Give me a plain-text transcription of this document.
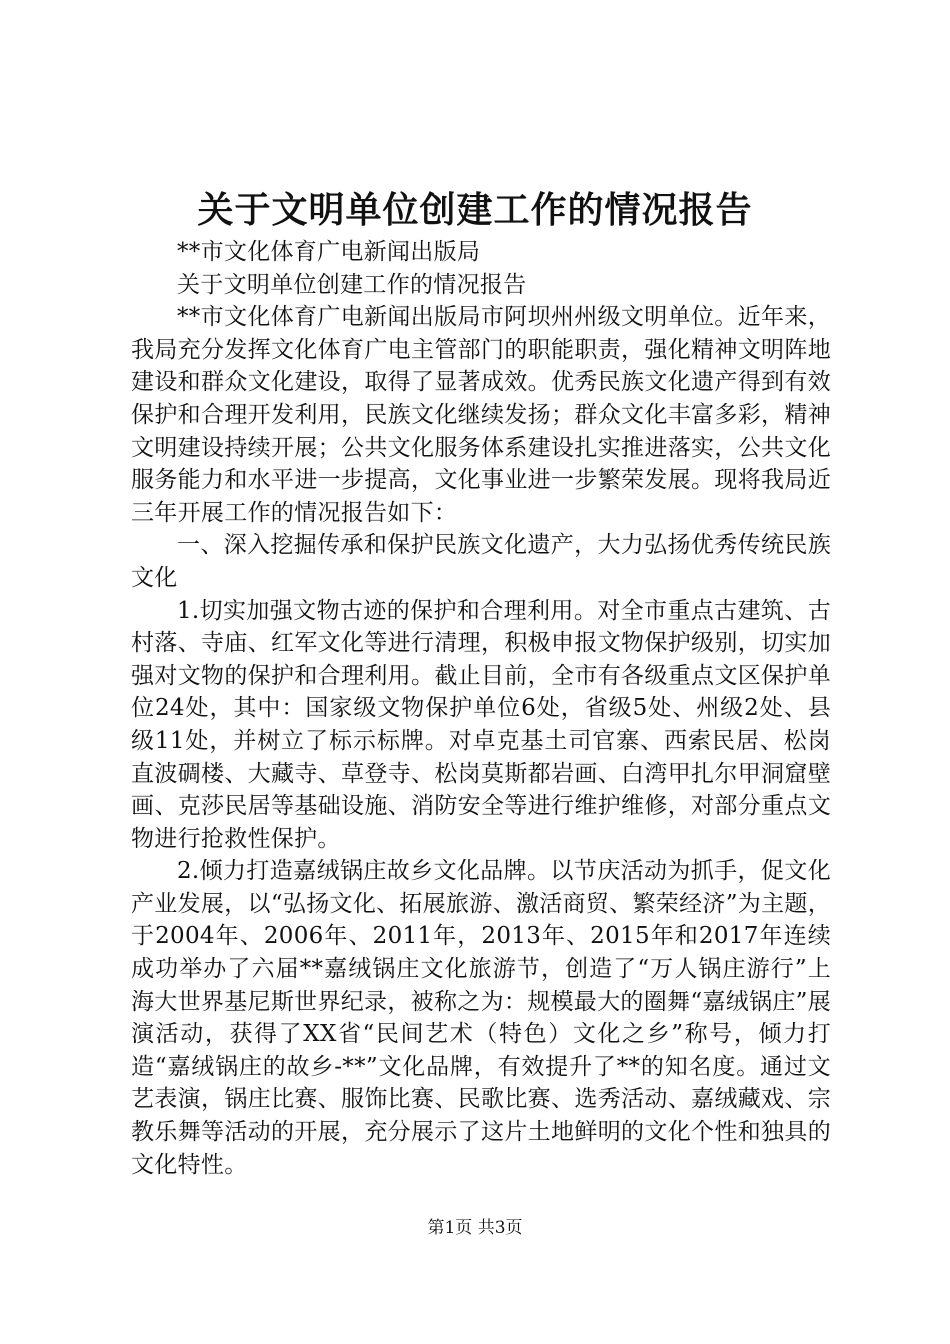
关于文明单位创建工作的情况报告

**市文化体育广电新闻出版局

关于文明单位创建工作的情况报告

**市文化体育广电新闻出版局市阿坝州州级文明单位。近年来，我局充分发挥文化体育广电主管部门的职能职责，强化精神文明阵地建设和群众文化建设，取得了显著成效。优秀民族文化遗产得到有效保护和合理开发利用，民族文化继续发扬；群众文化丰富多彩，精神文明建设持续开展；公共文化服务体系建设扎实推进落实，公共文化服务能力和水平进一步提高，文化事业进一步繁荣发展。现将我局近三年开展工作的情况报告如下：

一、深入挖掘传承和保护民族文化遗产，大力弘扬优秀传统民族文化

1.切实加强文物古迹的保护和合理利用。对全市重点古建筑、古村落、寺庙、红军文化等进行清理，积极申报文物保护级别，切实加强对文物的保护和合理利用。截止目前，全市有各级重点文区保护单位24处，其中：国家级文物保护单位6处，省级5处、州级2处、县级11处，并树立了标示标牌。对卓克基土司官寨、西索民居、松岗直波碉楼、大藏寺、草登寺、松岗莫斯都岩画、白湾甲扎尔甲洞窟壁画、克莎民居等基础设施、消防安全等进行维护维修，对部分重点文物进行抢救性保护。

2.倾力打造嘉绒锅庄故乡文化品牌。以节庆活动为抓手，促文化产业发展，以“弘扬文化、拓展旅游、激活商贸、繁荣经济”为主题，于2004年、2006年、2011年，2013年、2015年和2017年连续成功举办了六届**嘉绒锅庄文化旅游节，创造了“万人锅庄游行”上海大世界基尼斯世界纪录，被称之为：规模最大的圈舞“嘉绒锅庄”展演活动，获得了XX省“民间艺术（特色）文化之乡”称号，倾力打造“嘉绒锅庄的故乡-**”文化品牌，有效提升了**的知名度。通过文艺表演，锅庄比赛、服饰比赛、民歌比赛、选秀活动、嘉绒藏戏、宗教乐舞等活动的开展，充分展示了这片土地鲜明的文化个性和独具的文化特性。

第1页 共3页
